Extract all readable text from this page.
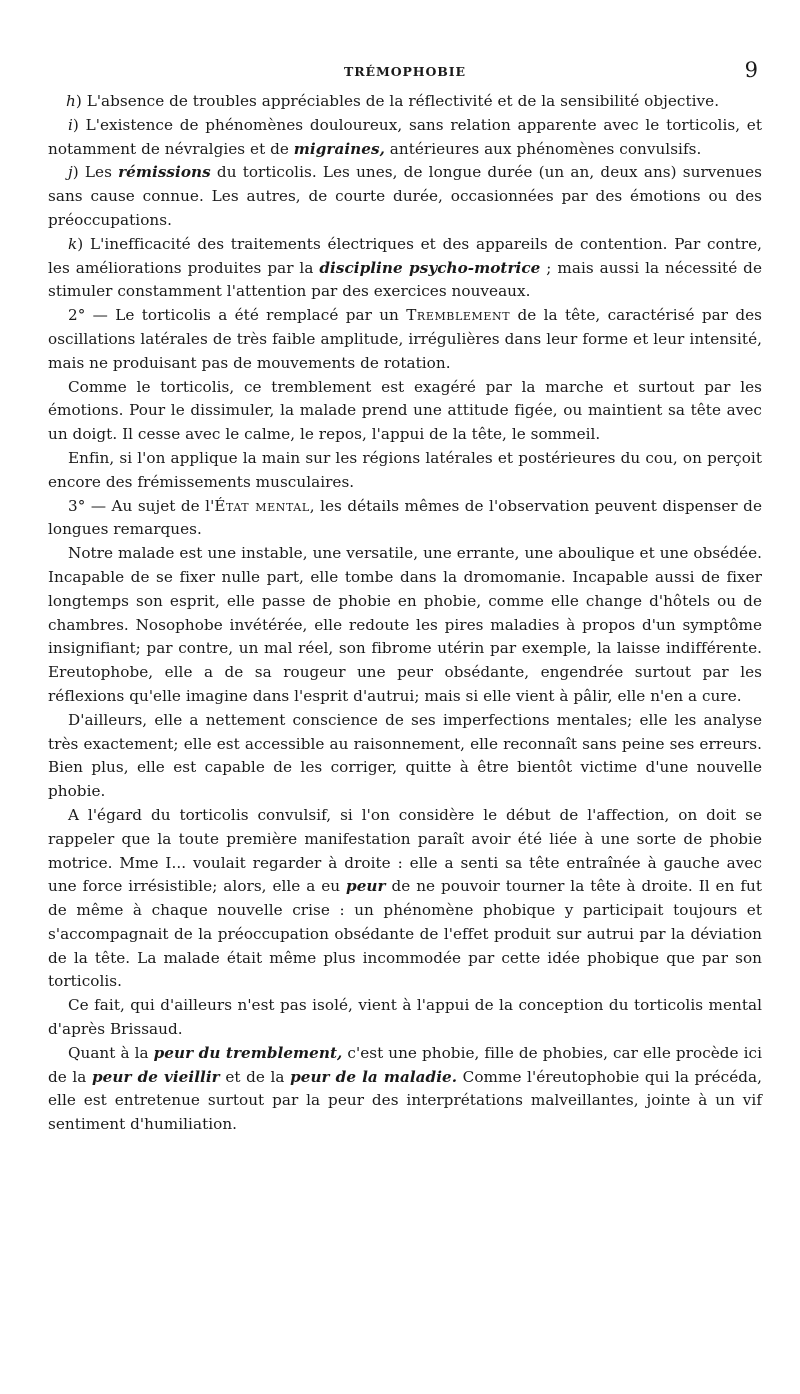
TRÉMOPHOBIE	9

h) L'absence de troubles appréciables de la réflectivité et de la sensibilité objective.

i) L'existence de phénomènes douloureux, sans relation apparente avec le torticolis, et notamment de névralgies et de migraines, antérieures aux phénomènes convulsifs.

j) Les rémissions du torticolis. Les unes, de longue durée (un an, deux ans) survenues sans cause connue. Les autres, de courte durée, occasionnées par des émotions ou des préoccupations.

k) L'inefficacité des traitements électriques et des appareils de contention. Par contre, les améliorations produites par la discipline psycho-motrice ; mais aussi la nécessité de stimuler constamment l'attention par des exercices nouveaux.

2° — Le torticolis a été remplacé par un Tremblement de la tête, caractérisé par des oscillations latérales de très faible amplitude, irrégulières dans leur forme et leur intensité, mais ne produisant pas de mouvements de rotation.

Comme le torticolis, ce tremblement est exagéré par la marche et surtout par les émotions. Pour le dissimuler, la malade prend une attitude figée, ou maintient sa tête avec un doigt. Il cesse avec le calme, le repos, l'appui de la tête, le sommeil.

Enfin, si l'on applique la main sur les régions latérales et postérieures du cou, on perçoit encore des frémissements musculaires.

3° — Au sujet de l'État mental, les détails mêmes de l'observation peuvent dispenser de longues remarques.

Notre malade est une instable, une versatile, une errante, une aboulique et une obsédée. Incapable de se fixer nulle part, elle tombe dans la dromomanie. Incapable aussi de fixer longtemps son esprit, elle passe de phobie en phobie, comme elle change d'hôtels ou de chambres. Nosophobe invétérée, elle redoute les pires maladies à propos d'un symptôme insignifiant; par contre, un mal réel, son fibrome utérin par exemple, la laisse indifférente. Ereutophobe, elle a de sa rougeur une peur obsédante, engendrée surtout par les réflexions qu'elle imagine dans l'esprit d'autrui; mais si elle vient à pâlir, elle n'en a cure.

D'ailleurs, elle a nettement conscience de ses imperfections mentales; elle les analyse très exactement; elle est accessible au raisonnement, elle reconnaît sans peine ses erreurs. Bien plus, elle est capable de les corriger, quitte à être bientôt victime d'une nouvelle phobie.

A l'égard du torticolis convulsif, si l'on considère le début de l'affection, on doit se rappeler que la toute première manifestation paraît avoir été liée à une sorte de phobie motrice. Mme I... voulait regarder à droite : elle a senti sa tête entraînée à gauche avec une force irrésistible; alors, elle a eu peur de ne pouvoir tourner la tête à droite. Il en fut de même à chaque nouvelle crise : un phénomène phobique y participait toujours et s'accompagnait de la préoccupation obsédante de l'effet produit sur autrui par la déviation de la tête. La malade était même plus incommodée par cette idée phobique que par son torticolis.

Ce fait, qui d'ailleurs n'est pas isolé, vient à l'appui de la conception du torticolis mental d'après Brissaud.

Quant à la peur du tremblement, c'est une phobie, fille de phobies, car elle procède ici de la peur de vieillir et de la peur de la maladie. Comme l'éreutophobie qui la précéda, elle est entretenue surtout par la peur des interprétations malveillantes, jointe à un vif sentiment d'humiliation.
